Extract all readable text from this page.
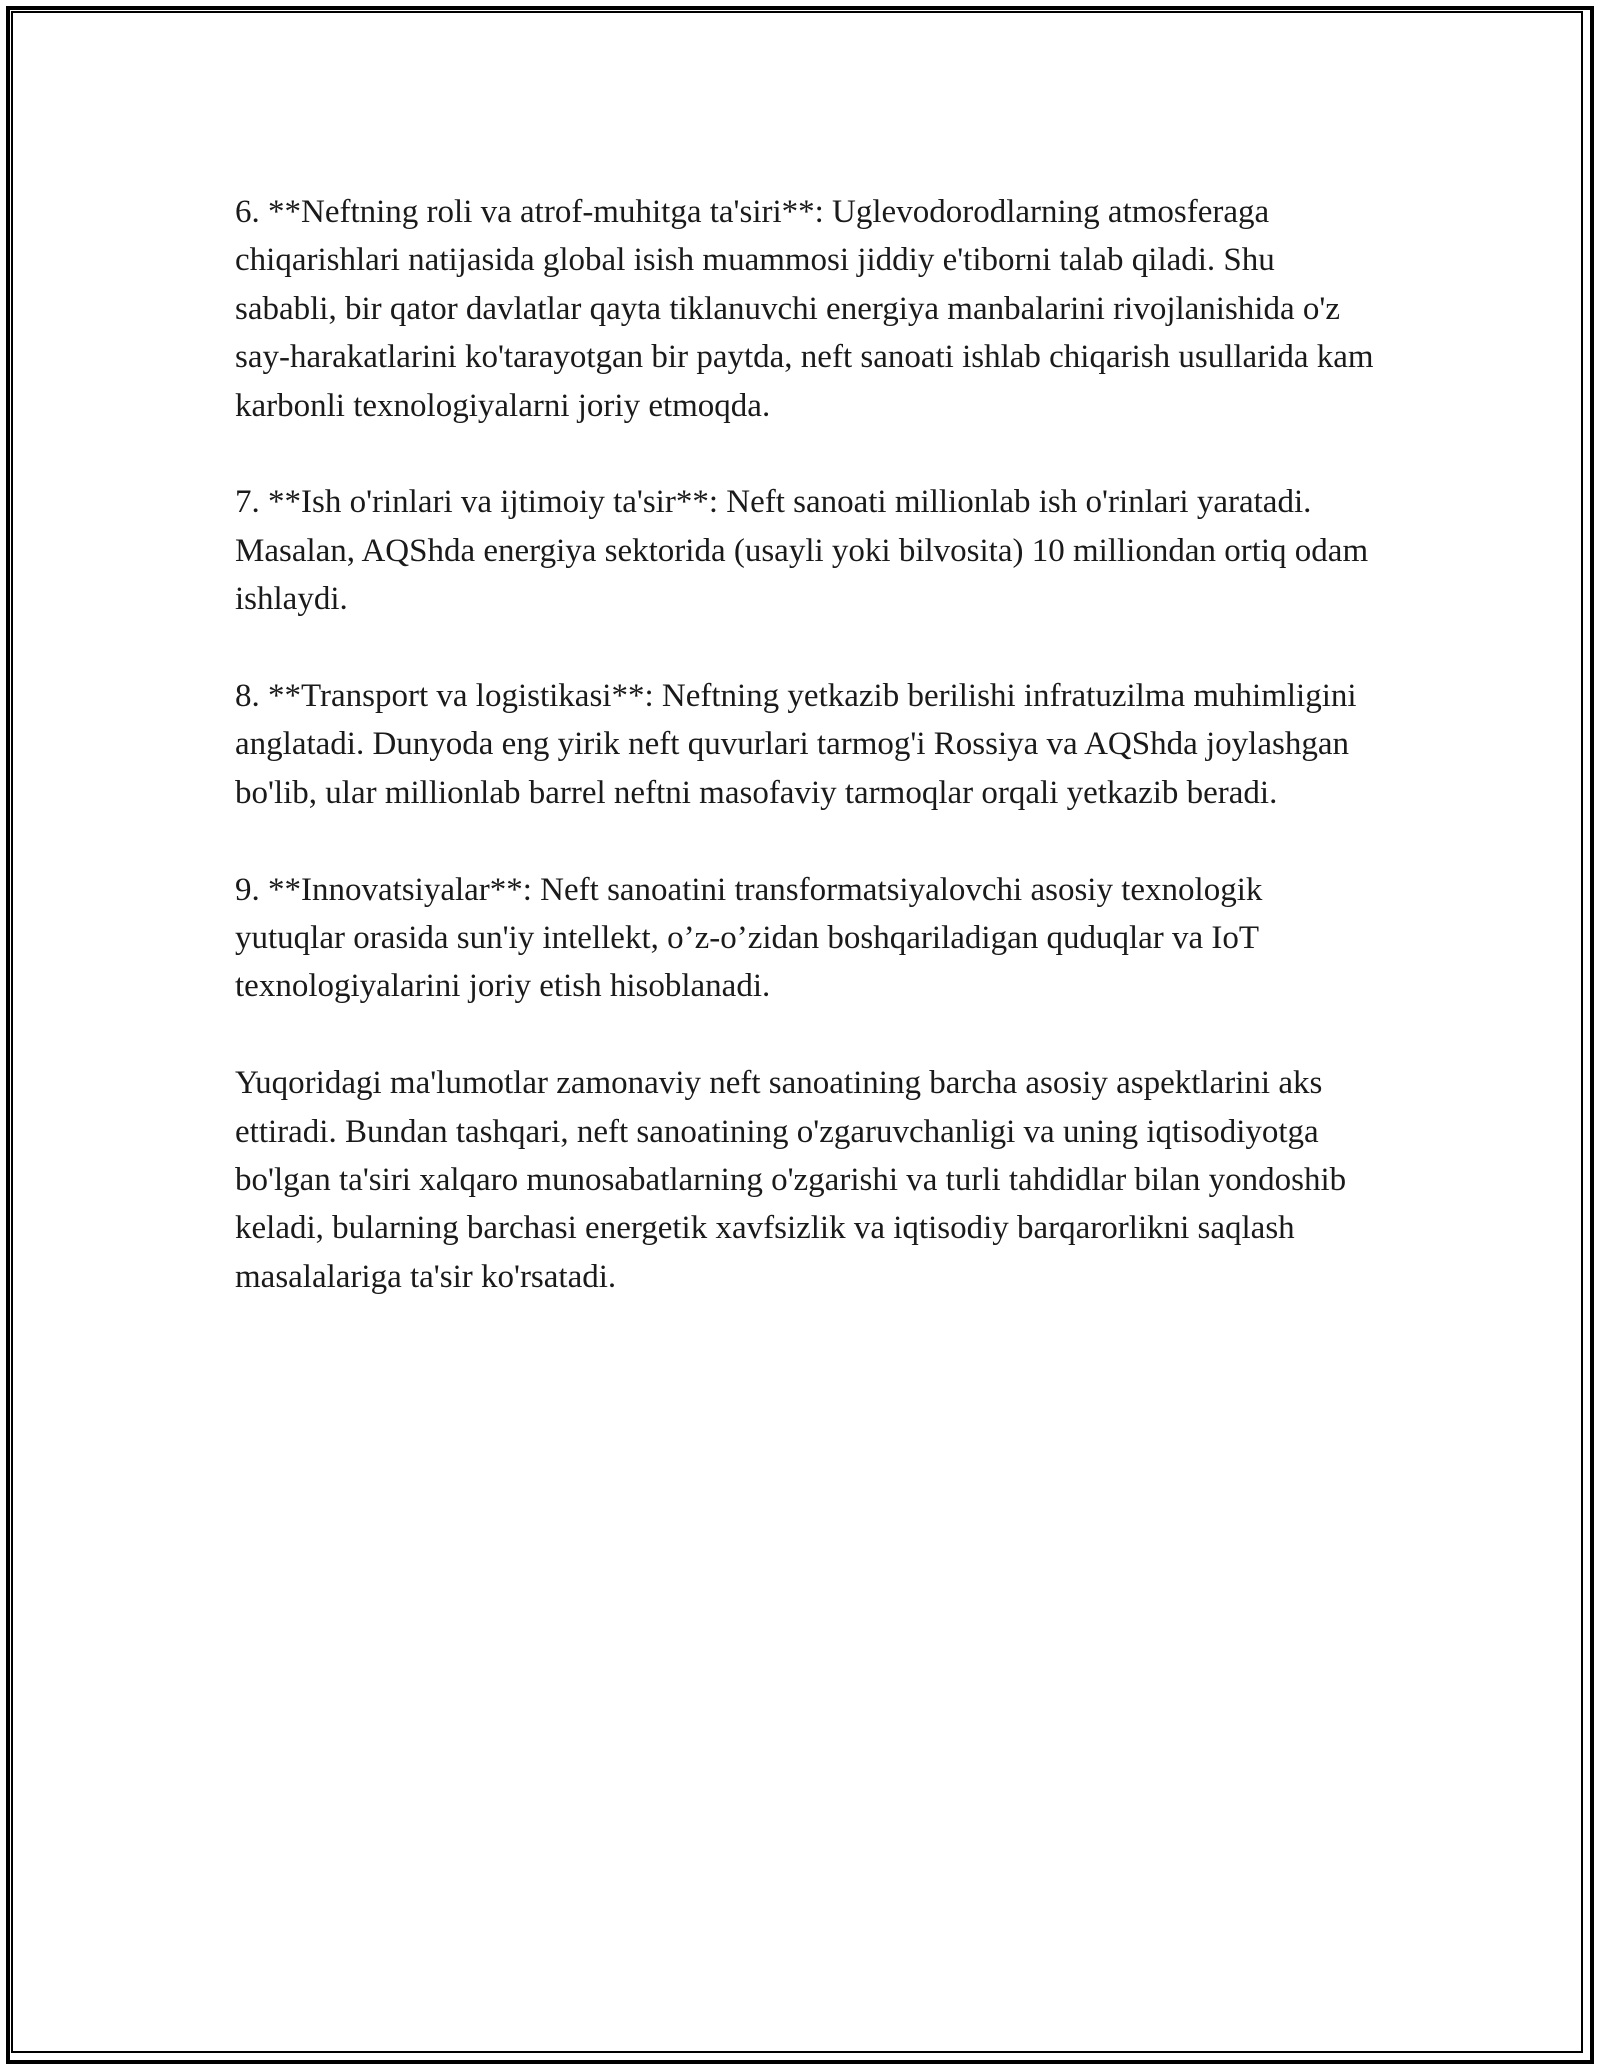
6. **Neftning roli va atrof-muhitga ta'siri**: Uglevodorodlarning atmosferaga chiqarishlari natijasida global isish muammosi jiddiy e'tiborni talab qiladi. Shu sababli, bir qator davlatlar qayta tiklanuvchi energiya manbalarini rivojlanishida o'z say-harakatlarini ko'tarayotgan bir paytda, neft sanoati ishlab chiqarish usullarida kam karbonli texnologiyalarni joriy etmoqda.

7. **Ish o'rinlari va ijtimoiy ta'sir**: Neft sanoati millionlab ish o'rinlari yaratadi. Masalan, AQShda energiya sektorida (usayli yoki bilvosita) 10 milliondan ortiq odam ishlaydi.

8. **Transport va logistikasi**: Neftning yetkazib berilishi infratuzilma muhimligini anglatadi. Dunyoda eng yirik neft quvurlari tarmog'i Rossiya va AQShda joylashgan bo'lib, ular millionlab barrel neftni masofaviy tarmoqlar orqali yetkazib beradi.

9. **Innovatsiyalar**: Neft sanoatini transformatsiyalovchi asosiy texnologik yutuqlar orasida sun'iy intellekt, o’z-o’zidan boshqariladigan quduqlar va IoT texnologiyalarini joriy etish hisoblanadi.

Yuqoridagi ma'lumotlar zamonaviy neft sanoatining barcha asosiy aspektlarini aks ettiradi. Bundan tashqari, neft sanoatining o'zgaruvchanligi va uning iqtisodiyotga bo'lgan ta'siri xalqaro munosabatlarning o'zgarishi va turli tahdidlar bilan yondoshib keladi, bularning barchasi energetik xavfsizlik va iqtisodiy barqarorlikni saqlash masalalariga ta'sir ko'rsatadi.
